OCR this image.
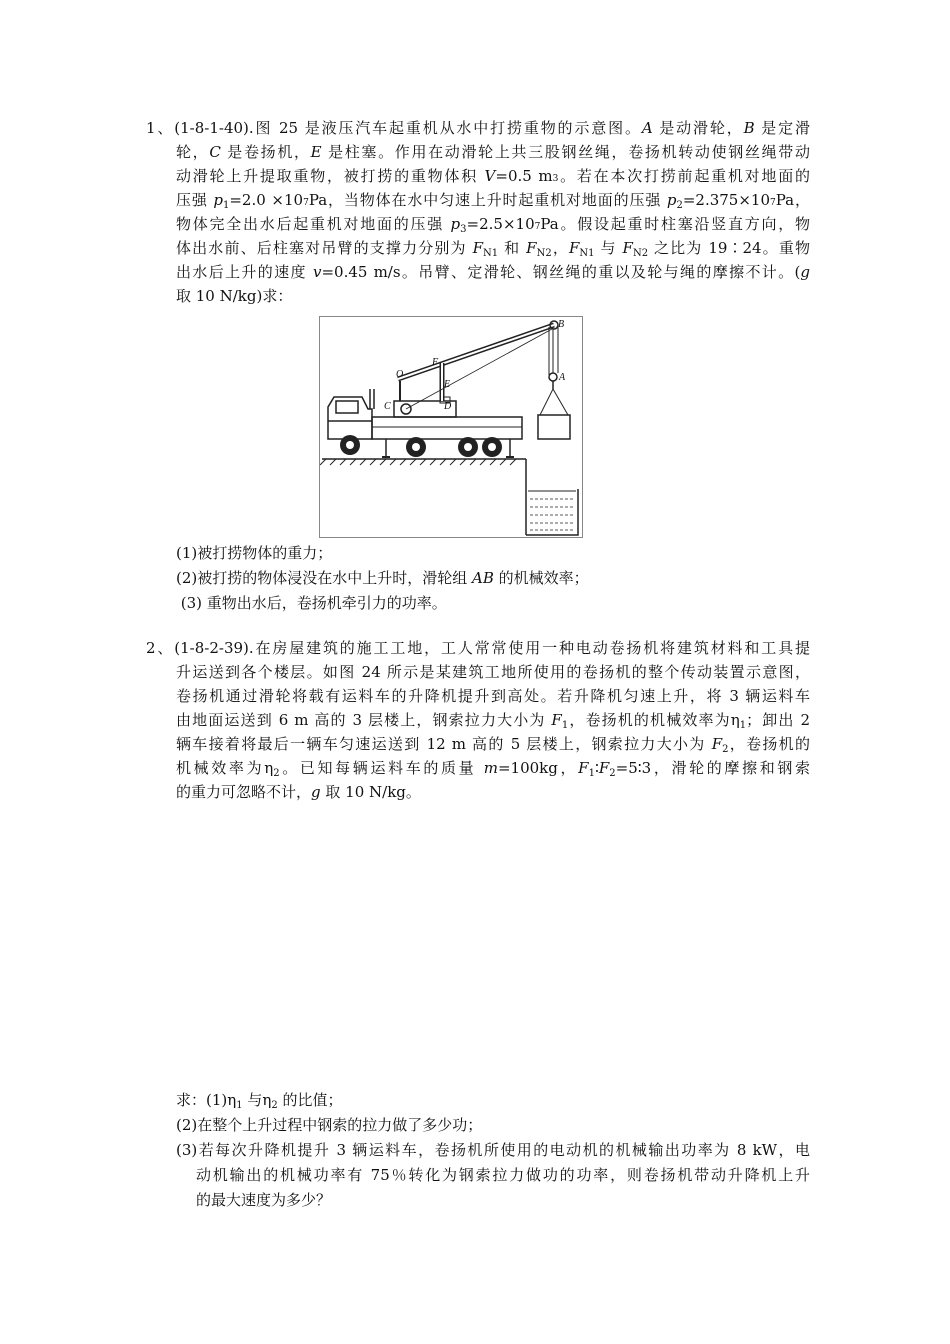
1、(1-8-1-40).图 25 是液压汽车起重机从水中打捞重物的示意图。A 是动滑轮，B 是定滑
轮，C 是卷扬机，E 是柱塞。作用在动滑轮上共三股钢丝绳，卷扬机转动使钢丝绳带动
动滑轮上升提取重物，被打捞的重物体积 V=0.5 m3。若在本次打捞前起重机对地面的
压强 $p_1=2.0 \times 107Pa$，当物体在水中匀速上升时起重机对地面的压强 $p_2=2.375\times 107Pa$，
物体完全出水后起重机对地面的压强 $p_3=2.5\times 107Pa$。假设起重时柱塞沿竖直方向，物
体出水前、后柱塞对吊臂的支撑力分别为 $F_{N1}$ 和 $F_{N2}$，$F_{N1}$ 与 $F_{N2}$ 之比为 19∶24。重物
出水后上升的速度 v=0.45 m/s。吊臂、定滑轮、钢丝绳的重以及轮与绳的摩擦不计。(g
取 10 N/kg)求：
B
A
C	D
E
F
O
(1)被打捞物体的重力；
(2)被打捞的物体浸没在水中上升时，滑轮组 AB 的机械效率；
(3) 重物出水后，卷扬机牵引力的功率。
2、(1-8-2-39).在房屋建筑的施工工地，工人常常使用一种电动卷扬机将建筑材料和工具提
升运送到各个楼层。如图 24 所示是某建筑工地所使用的卷扬机的整个传动装置示意图，
卷扬机通过滑轮将载有运料车的升降机提升到高处。若升降机匀速上升，将 3 辆运料车
由地面运送到 6 m 高的 3 层楼上，钢索拉力大小为 $F_1$，卷扬机的机械效率为$\eta_1$；卸出 2
辆车接着将最后一辆车匀速运送到 12 m 高的 5 层楼上，钢索拉力大小为 $F_2$，卷扬机的
机械效率为$\eta_2$。已知每辆运料车的质量 m=100kg，$F_1∶F_2=5∶3$，滑轮的摩擦和钢索
的重力可忽略不计，g 取 10 N/kg。
求：$(1)\eta_1$ 与$\eta_2$ 的比值；
(2)在整个上升过程中钢索的拉力做了多少功；
(3)若每次升降机提升 3 辆运料车，卷扬机所使用的电动机的机械输出功率为 8 kW，电
动机输出的机械功率有 75％转化为钢索拉力做功的功率，则卷扬机带动升降机上升
的最大速度为多少？
